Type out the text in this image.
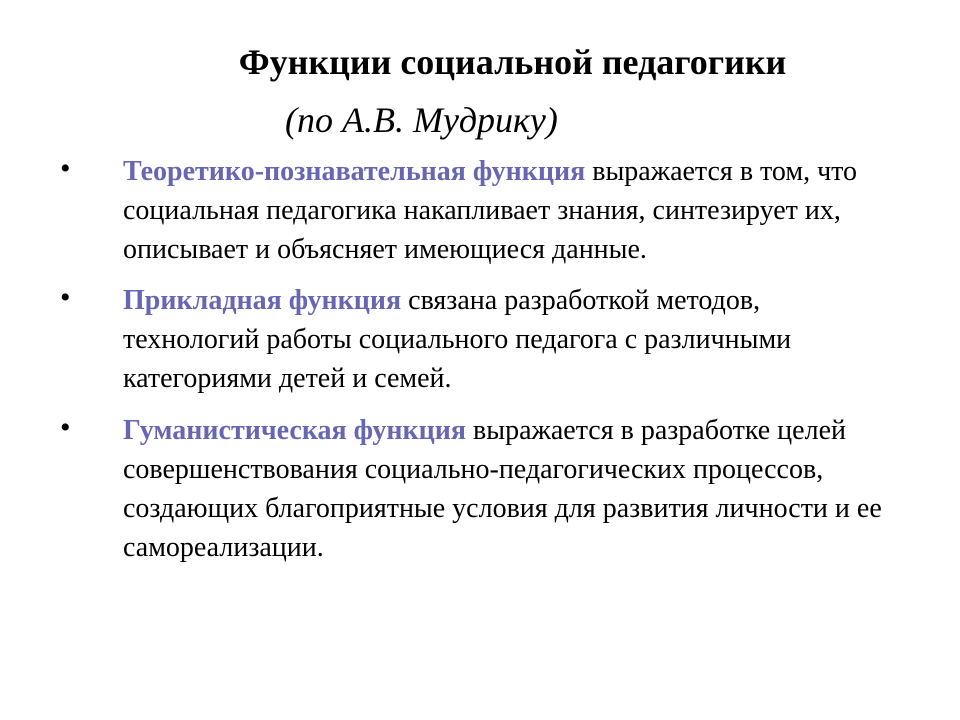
Функции социальной педагогики
(по А.В. Мудрику)
• Теоретико-познавательная функция выражается в том, что социальная педагогика накапливает знания, синтезирует их, описывает и объясняет имеющиеся данные.
• Прикладная функция связана разработкой методов, технологий работы социального педагога с различными категориями детей и семей.
• Гуманистическая функция выражается в разработке целей совершенствования социально-педагогических процессов, создающих благоприятные условия для развития личности и ее самореализации.
